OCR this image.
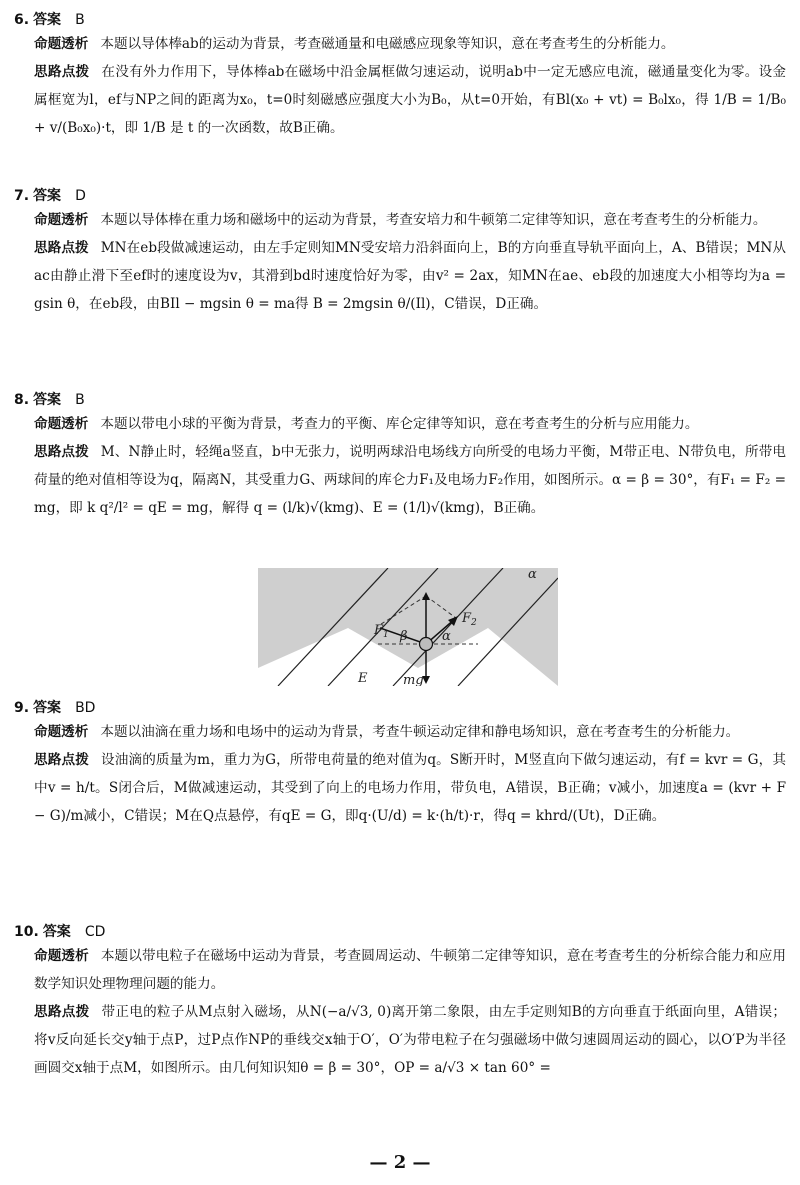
6. 答案 B
命题透析 本题以导体棒ab的运动为背景，考查磁通量和电磁感应现象等知识，意在考查考生的分析能力。
思路点拨 在没有外力作用下，导体棒ab在磁场中沿金属框做匀速运动，说明ab中一定无感应电流，磁通量变化为零。设金属框宽为l，ef与NP之间的距离为x₀，t=0时刻磁感应强度大小为B₀，从t=0开始，有Bl(x₀ + vt) = B₀lx₀，得 1/B = 1/B₀ + v/(B₀x₀)·t，即 1/B 是 t 的一次函数，故B正确。
7. 答案 D
命题透析 本题以导体棒在重力场和磁场中的运动为背景，考查安培力和牛顿第二定律等知识，意在考查考生的分析能力。
思路点拨 MN在eb段做减速运动，由左手定则知MN受安培力沿斜面向上，B的方向垂直导轨平面向上，A、B错误；MN从ac由静止滑下至ef时的速度设为v，其滑到bd时速度恰好为零，由v² = 2ax，知MN在ae、eb段的加速度大小相等均为a = gsin θ，在eb段，由BIl − mgsin θ = ma得 B = 2mgsin θ/(Il)，C错误，D正确。
8. 答案 B
命题透析 本题以带电小球的平衡为背景，考查力的平衡、库仑定律等知识，意在考查考生的分析与应用能力。
思路点拨 M、N静止时，轻绳a竖直，b中无张力，说明两球沿电场线方向所受的电场力平衡，M带正电、N带负电，所带电荷量的绝对值相等设为q，隔离N，其受重力G、两球间的库仑力F₁及电场力F₂作用，如图所示。α = β = 30°，有F₁ = F₂ = mg，即 k q²/l² = qE = mg，解得 q = (l/k)√(kmg)、E = (1/l)√(kmg)，B正确。
$F_1$
$F_2$
β	α
E	mg
α
9. 答案 BD
命题透析 本题以油滴在重力场和电场中的运动为背景，考查牛顿运动定律和静电场知识，意在考查考生的分析能力。
思路点拨 设油滴的质量为m，重力为G，所带电荷量的绝对值为q。S断开时，M竖直向下做匀速运动，有f = kvr = G，其中v = h/t。S闭合后，M做减速运动，其受到了向上的电场力作用，带负电，A错误，B正确；v减小，加速度a = (kvr + F − G)/m减小，C错误；M在Q点悬停，有qE = G，即q·(U/d) = k·(h/t)·r，得q = khrd/(Ut)，D正确。
10. 答案 CD
命题透析 本题以带电粒子在磁场中运动为背景，考查圆周运动、牛顿第二定律等知识，意在考查考生的分析综合能力和应用数学知识处理物理问题的能力。
思路点拨 带正电的粒子从M点射入磁场，从N(−a/√3, 0)离开第二象限，由左手定则知B的方向垂直于纸面向里，A错误；将v反向延长交y轴于点P，过P点作NP的垂线交x轴于O′，O′为带电粒子在匀强磁场中做匀速圆周运动的圆心，以O′P为半径画圆交x轴于点M，如图所示。由几何知识知θ = β = 30°，OP = a/√3 × tan 60° =
— 2 —
